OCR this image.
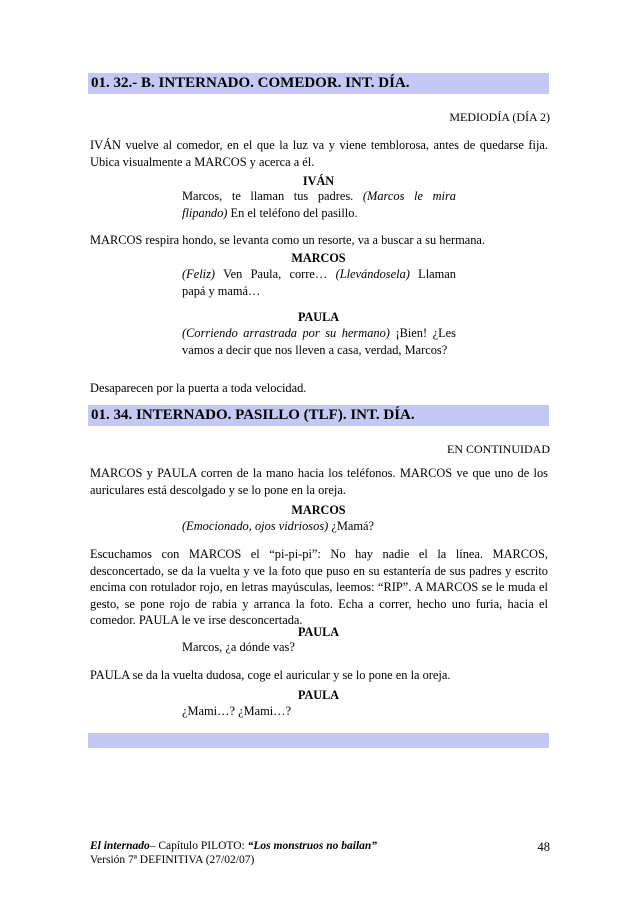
01. 32.- B. INTERNADO. COMEDOR. INT. DÍA.
MEDIODÍA (DÍA 2)
IVÁN vuelve al comedor, en el que la luz va y viene temblorosa, antes de quedarse fija. Ubica visualmente a MARCOS y acerca a él.
IVÁN
Marcos, te llaman tus padres. (Marcos le mira flipando) En el teléfono del pasillo.
MARCOS respira hondo, se levanta como un resorte, va a buscar a su hermana.
MARCOS
(Feliz) Ven Paula, corre… (Llevándosela) Llaman papá y mamá…
PAULA
(Corriendo arrastrada por su hermano) ¡Bien! ¿Les vamos a decir que nos lleven a casa, verdad, Marcos?
Desaparecen por la puerta a toda velocidad.
01. 34. INTERNADO. PASILLO (TLF). INT. DÍA.
EN CONTINUIDAD
MARCOS y PAULA corren de la mano hacia los teléfonos. MARCOS ve que uno de los auriculares está descolgado y se lo pone en la oreja.
MARCOS
(Emocionado, ojos vidriosos) ¿Mamá?
Escuchamos con MARCOS el “pi-pi-pi”: No hay nadie el la línea. MARCOS, desconcertado, se da la vuelta y ve la foto que puso en su estantería de sus padres y escrito encima con rotulador rojo, en letras mayúsculas, leemos: “RIP”. A MARCOS se le muda el gesto, se pone rojo de rabia y arranca la foto. Echa a correr, hecho uno furia, hacia el comedor. PAULA le ve irse desconcertada.
PAULA
Marcos, ¿a dónde vas?
PAULA se da la vuelta dudosa, coge el auricular y se lo pone en la oreja.
PAULA
¿Mami…? ¿Mami…?
El internado– Capítulo PILOTO: “Los monstruos no bailan”
Versión 7ª DEFINITIVA (27/02/07)
48
